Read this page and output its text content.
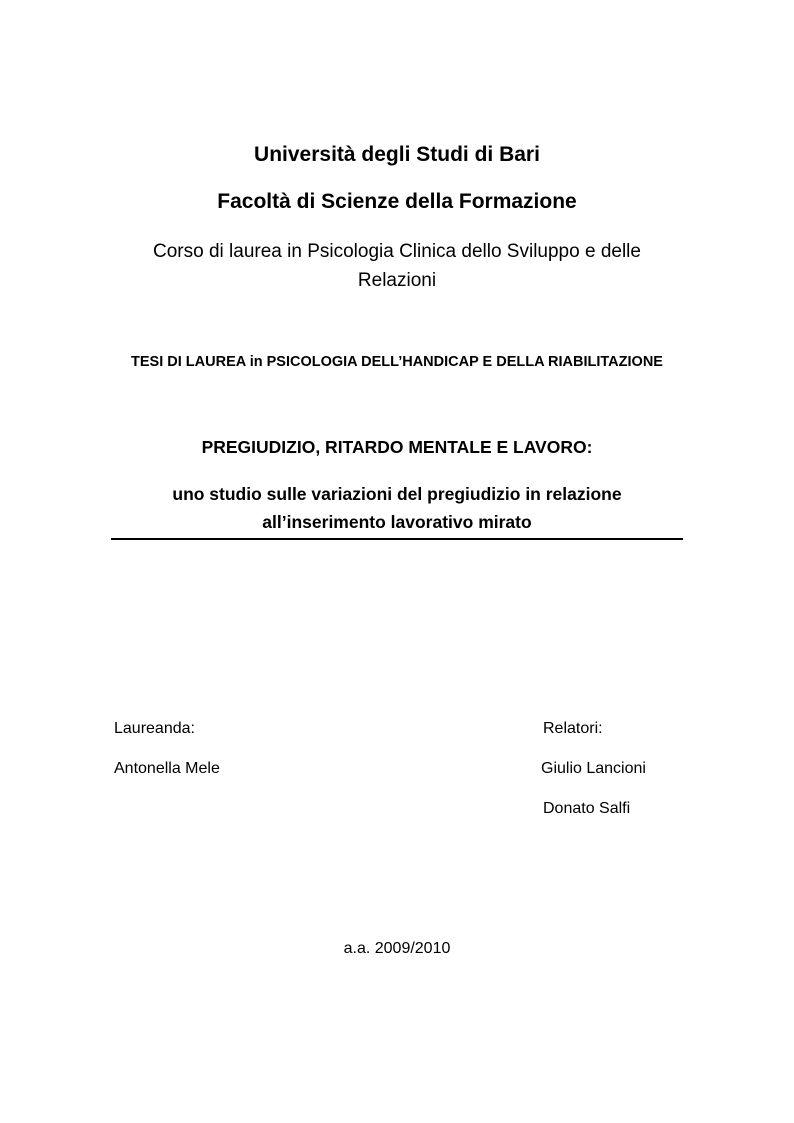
Università degli Studi di Bari
Facoltà di Scienze della Formazione
Corso di laurea in Psicologia Clinica dello Sviluppo e delle
Relazioni
TESI DI LAUREA in PSICOLOGIA DELL’HANDICAP E DELLA RIABILITAZIONE
PREGIUDIZIO, RITARDO MENTALE E LAVORO:
uno studio sulle variazioni del pregiudizio in relazione
all’inserimento lavorativo mirato
Laureanda:
Antonella Mele
Relatori:
Giulio Lancioni
Donato Salfi
a.a. 2009/2010
